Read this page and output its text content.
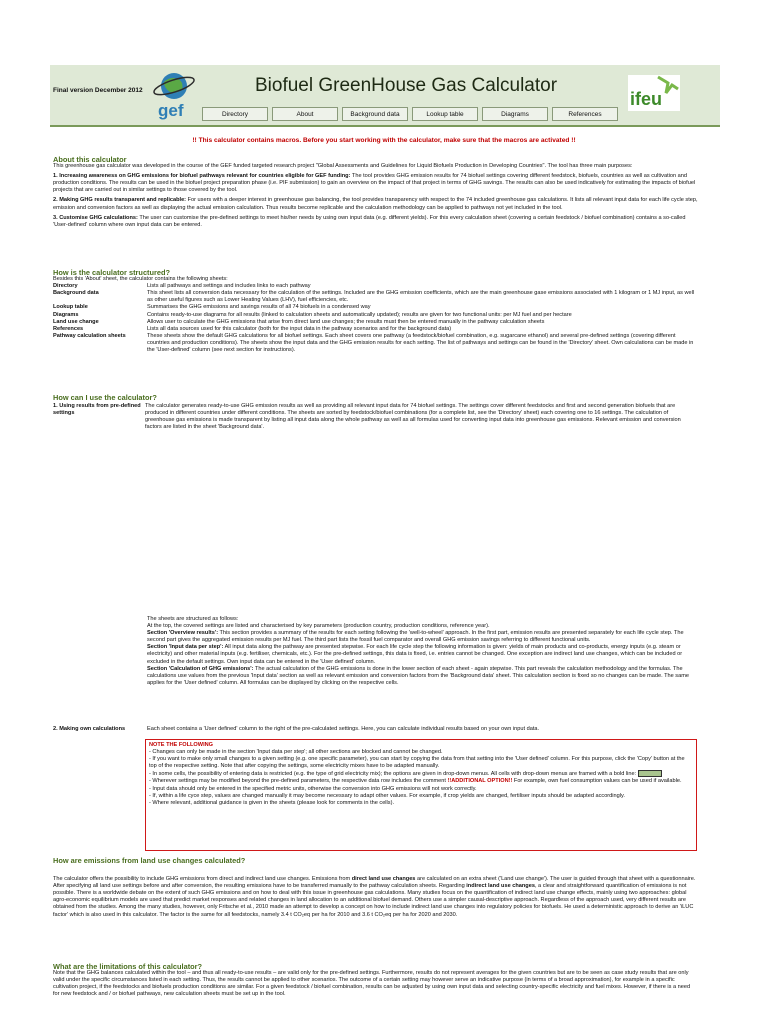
Final version December 2012
gef
Biofuel GreenHouse Gas Calculator
Directory	About	Background data	Lookup table	Diagrams	References
ifeu
!! This calculator contains macros. Before you start working with the calculator, make sure that the macros are activated !!
About this calculator

This greenhouse gas calculator was developed in the course of the GEF funded targeted research project "Global Assessments and Guidelines for Liquid Biofuels Production in Developing Countries". The tool has three main purposes:

1. Increasing awareness on GHG emissions for biofuel pathways relevant for countries eligible for GEF funding: The tool provides GHG emission results for 74 biofuel settings covering different feedstock, biofuels, countries as well as cultivation and production conditions. The results can be used in the biofuel project preparation phase (i.e. PIF submission) to gain an overview on the impact of that project in terms of GHG savings. The results can also be used indicatively for estimating the impacts of biofuel projects that are carried out in similar settings to those covered by the tool.

2. Making GHG results transparent and replicable: For users with a deeper interest in greenhouse gas balancing, the tool provides transparency with respect to the 74 included greenhouse gas calculations. It lists all relevant input data for each life cycle step, emission and conversion factors as well as displaying the actual emission calculation. Thus results become replicable and the calculation methodology can be applied to pathways not yet included in the tool.

3. Customise GHG calculations: The user can customise the pre-defined settings to meet his/her needs by using own input data (e.g. different yields). For this every calculation sheet (covering a certain feedstock / biofuel combination) contains a so-called 'User-defined' column where own input data can be entered.

How is the calculator structured?

Besides this 'About' sheet, the calculator contains the following sheets:

Directory	Lists all pathways and settings and includes links to each pathway
Background data	This sheet lists all conversion data necessary for the calculation of the settings. Included are the GHG emission coefficients, which are the main greenhouse gase emissions associated with 1 kilogram or 1 MJ input, as well as other useful figures such as Lower Heating Values (LHV), fuel efficiencies, etc.
Lookup table	Summarises the GHG emissions and savings results of all 74 biofuels in a condensed way
Diagrams	Contains ready-to-use diagrams for all results (linked to calculation sheets and automatically updated); results are given for two functional units: per MJ fuel and per hectare
Land use change	Allows user to calculate the GHG emissions that arise from direct land use changes; the results must then be entered manually in the pathway calculation sheets
References	Lists all data sources used for this calculator (both for the input data in the pathway scenarios and for the background data)
Pathway calculation sheets	These sheets show the default GHG calculations for all biofuel settings. Each sheet covers one pathway (a feedstock/biofuel combination, e.g. sugarcane ethanol) and several pre-defined settings (covering different countries and production conditions). The sheets show the input data and the GHG emission results for each setting. The list of pathways and settings can be found in the 'Directory' sheet. Own calculations can be made in the 'User-defined' column (see next section for instructions).
How can I use the calculator?
1. Using results from pre-defined settings
The calculator generates ready-to-use GHG emission results as well as providing all relevant input data for 74 biofuel settings. The settings cover different feedstocks and first and second generation biofuels that are produced in different countries under different conditions. The sheets are sorted by feedstock/biofuel combinations (for a complete list, see the 'Directory' sheet) each covering one to 16 settings. The calculation of greenhouse gas emissions is made transparent by listing all input data along the whole pathway as well as all formulas used for converting input data into greenhouse gas emissions. Relevant emission and conversion factors are listed in the sheet 'Background data'.

The sheets are structured as follows:

At the top, the covered settings are listed and characterised by key parameters (production country, production conditions, reference year).

Section 'Overview results': This section provides a summary of the results for each setting following the 'well-to-wheel' approach. In the first part, emission results are presented separately for each life cycle step. The second part gives the aggregated emission results per MJ fuel. The third part lists the fossil fuel comparator and overall GHG emission savings referring to different functional units.

Section 'Input data per step': All input data along the pathway are presented stepwise. For each life cycle step the following information is given: yields of main products and co-products, energy inputs (e.g. steam or electricity) and other material inputs (e.g. fertiliser, chemicals, etc.). For the pre-defined settings, this data is fixed, i.e. entries cannot be changed. One exception are indirect land use changes, which can be included or excluded in the default settings. Own input data can be entered in the 'User defined' column.

Section 'Calculation of GHG emissions': The actual calculation of the GHG emissions is done in the lower section of each sheet - again stepwise. This part reveals the calculation methodology and the formulas. The calculations use values from the previous 'Input data' section as well as relevant emission and conversion factors from the 'Background data' sheet. This calculation section is fixed so no changes can be made. The same applies for the 'User defined' column. All formulas can be displayed by clicking on the respective cells.

2. Making own calculations	Each sheet contains a 'User defined' column to the right of the pre-calculated settings. Here, you can calculate individual results based on your own input data.
NOTE THE FOLLOWING
- Changes can only be made in the section 'Input data per step'; all other sections are blocked and cannot be changed.
- If you want to make only small changes to a given setting (e.g. one specific parameter), you can start by copying the data from that setting into the 'User defined' column. For this purpose, click the 'Copy' button at the top of the respective setting. Note that after copying the settings, some electricity mixes have to be adapted manually.
- In some cells, the possibility of entering data is restricted (e.g. the type of grid electricity mix); the options are given in drop-down menus. All cells with drop-down menus are framed with a bold line:
- Wherever settings may be modified beyond the pre-defined parameters, the respective data row includes the comment !!ADDITIONAL OPTION!! For example, own fuel consumption values can be used if available.
- Input data should only be entered in the specified metric units, otherwise the conversion into GHG emissions will not work correctly.
- If, within a life cyce step, values are changed manually it may become necessary to adapt other values. For example, if crop yields are changed, fertiliser inputs should be adapted accordingly.
- Where relevant, additional guidance is given in the sheets (please look for comments in the cells).
How are emissions from land use changes calculated?

The calculator offers the possibility to include GHG emissions from direct and indirect land use changes. Emissions from direct land use changes are calculated on an extra sheet ('Land use change'). The user is guided through that sheet with a questionnaire. After specifying all land use settings before and after conversion, the resulting emissions have to be transferred manually to the pathway calculation sheets. Regarding indirect land use changes, a clear and straightforward quantification of emissions is not possible. There is a worldwide debate on the extent of such GHG emissions and on how to deal with this issue in greenhouse gas calculations. Many studies focus on the quantification of indirect land use change effects, mainly using two approaches: global agro-economic equilibrium models are used that predict market responses and related changes in land allocation to an additional biofuel demand. Others use a simpler causal-descriptive approach. Regardless of the approach used, very different results are obtained from the studies. Among the many studies, however, only Fritsche et al., 2010 made an attempt to develop a concept on how to include indirect land use changes into regulatory policies for biofuels. He used a deterministic approach to derive an 'iLUC factor' which is also used in this calculator. The factor is the same for all feedstocks, namely 3.4 t CO₂eq per ha for 2010 and 3.6 t CO₂eq per ha for 2020 and 2030.

What are the limitations of this calculator?

Note that the GHG balances calculated within the tool – and thus all ready-to-use results – are valid only for the pre-defined settings. Furthermore, results do not represent averages for the given countries but are to be seen as case study results that are only valid under the specific circumstances listed in each setting. Thus, the results cannot be applied to other scenarios. The outcome of a certain setting may however serve an indicative purpose (in terms of a broad approximation), for example in a specific cultivation project, if the feedstocks and biofuels production conditions are similar. For a given feedstock / biofuel combination, results can be adjusted by using own input data and selecting country-specific electricity and fuel mixes. However, if there is a need for new feedstock and / or biofuel pathways, new calculation sheets must be set up in the tool.
